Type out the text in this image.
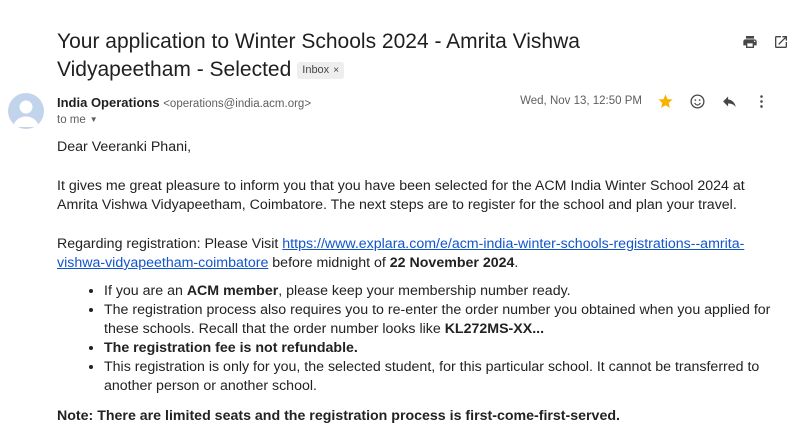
Your application to Winter Schools 2024 - Amrita Vishwa Vidyapeetham - Selected Inbox ×
India Operations <operations@india.acm.org>
to me ▼
Wed, Nov 13, 12:50 PM

Dear Veeranki Phani,

It gives me great pleasure to inform you that you have been selected for the ACM India Winter School 2024 at Amrita Vishwa Vidyapeetham, Coimbatore. The next steps are to register for the school and plan your travel.

Regarding registration: Please Visit https://www.explara.com/e/acm-india-winter-schools-registrations--amrita-vishwa-vidyapeetham-coimbatore before midnight of 22 November 2024.

• If you are an ACM member, please keep your membership number ready.
• The registration process also requires you to re-enter the order number you obtained when you applied for these schools. Recall that the order number looks like KL272MS-XX...
• The registration fee is not refundable.
• This registration is only for you, the selected student, for this particular school. It cannot be transferred to another person or another school.

Note: There are limited seats and the registration process is first-come-first-served.
